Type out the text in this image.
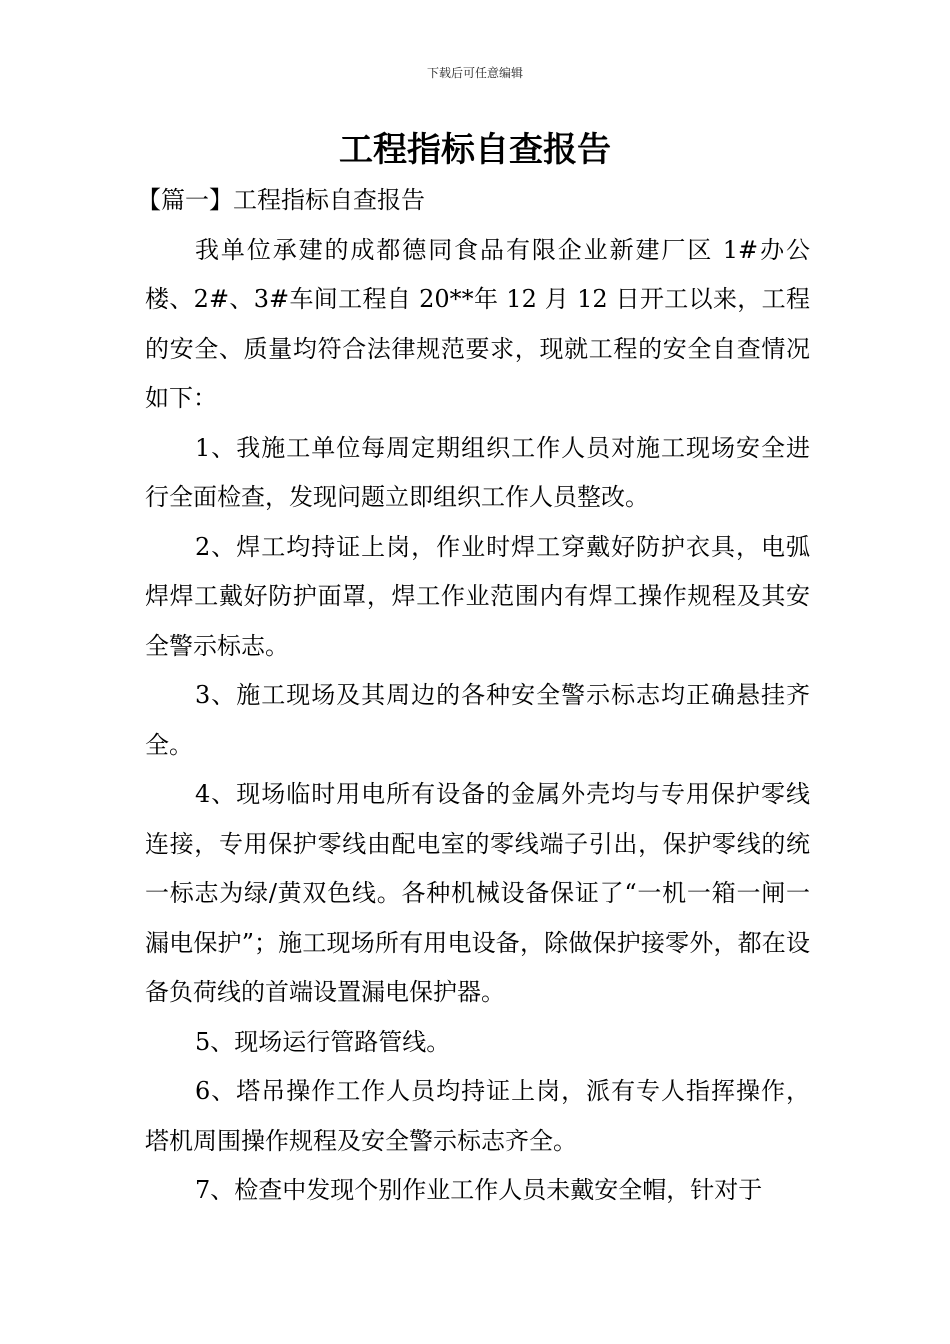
下载后可任意编辑
工程指标自查报告

【篇一】工程指标自查报告

我单位承建的成都德同食品有限企业新建厂区 1#办公楼、2#、3#车间工程自 20**年 12 月 12 日开工以来，工程的安全、质量均符合法律规范要求，现就工程的安全自查情况如下：

1、我施工单位每周定期组织工作人员对施工现场安全进行全面检查，发现问题立即组织工作人员整改。

2、焊工均持证上岗，作业时焊工穿戴好防护衣具，电弧焊焊工戴好防护面罩，焊工作业范围内有焊工操作规程及其安全警示标志。

3、施工现场及其周边的各种安全警示标志均正确悬挂齐全。

4、现场临时用电所有设备的金属外壳均与专用保护零线连接，专用保护零线由配电室的零线端子引出，保护零线的统一标志为绿/黄双色线。各种机械设备保证了“一机一箱一闸一漏电保护”；施工现场所有用电设备，除做保护接零外，都在设备负荷线的首端设置漏电保护器。

5、现场运行管路管线。

6、塔吊操作工作人员均持证上岗，派有专人指挥操作，塔机周围操作规程及安全警示标志齐全。

7、检查中发现个别作业工作人员未戴安全帽，针对于
